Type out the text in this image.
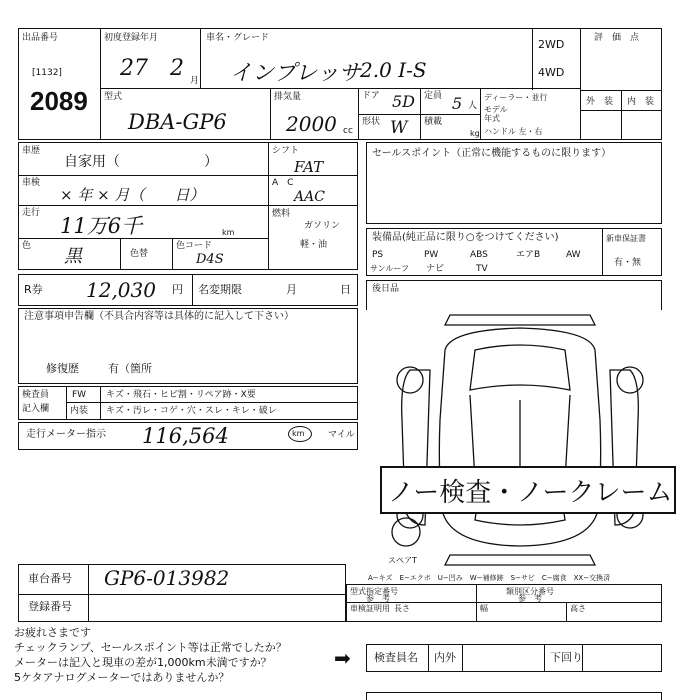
出品番号
[1132]
2089
初度登録年月
27 2 月
車名・グレード
インプレッサ 2.0 I-S
2WD
4WD
評　価　点
外　装 内　装
型式
DBA-GP6
排気量
2000 cc
ドア 5D 定員 5 人
形状 W 積載
kg
ディーラー・並行
モデル
年式
ハンドル 左・右
車歴
自家用（　　　　　　）
車検
× 年 × 月（　　日）
走行
11万6千	km
色 黒	色替
色コード
D4S
シフト
FAT
A　C
AAC
燃料
ガソリン
軽・油
セールスポイント（正常に機能するものに限ります）
装備品(純正品に限り○をつけてください)
PS	PW	ABS	エアB	AW
サンルーフ ナビ	TV
新車保証書
有・無
R券 12,030 円 名変期限	月	日 後日品
注意事項申告欄（不具合内容等は具体的に記入して下さい）
修復歴	有（箇所
検査員
記入欄
FW キズ・飛石・ヒビ割・リペア跡・X要
内装 キズ・汚レ・コゲ・穴・スレ・キレ・破レ
走行メーター指示 116,564	km	マイル
ノー検査・ノークレーム
スペアT
A−キズ　E−エクボ　U−凹み　W−補修跡　S−サビ　C−腐食　XX−交換済
車台番号 GP6-013982
登録番号
型式指定番号
参　考
類別区分番号
参　考
車検証明用 長さ	幅	高さ
お疲れさまです
チェックランプ、セールスポイント等は正常でしたか？
メーターは記入と現車の差が1,000km未満ですか？
5ケタアナログメーターではありませんか？
➡ 検査員名 内外	下回り
